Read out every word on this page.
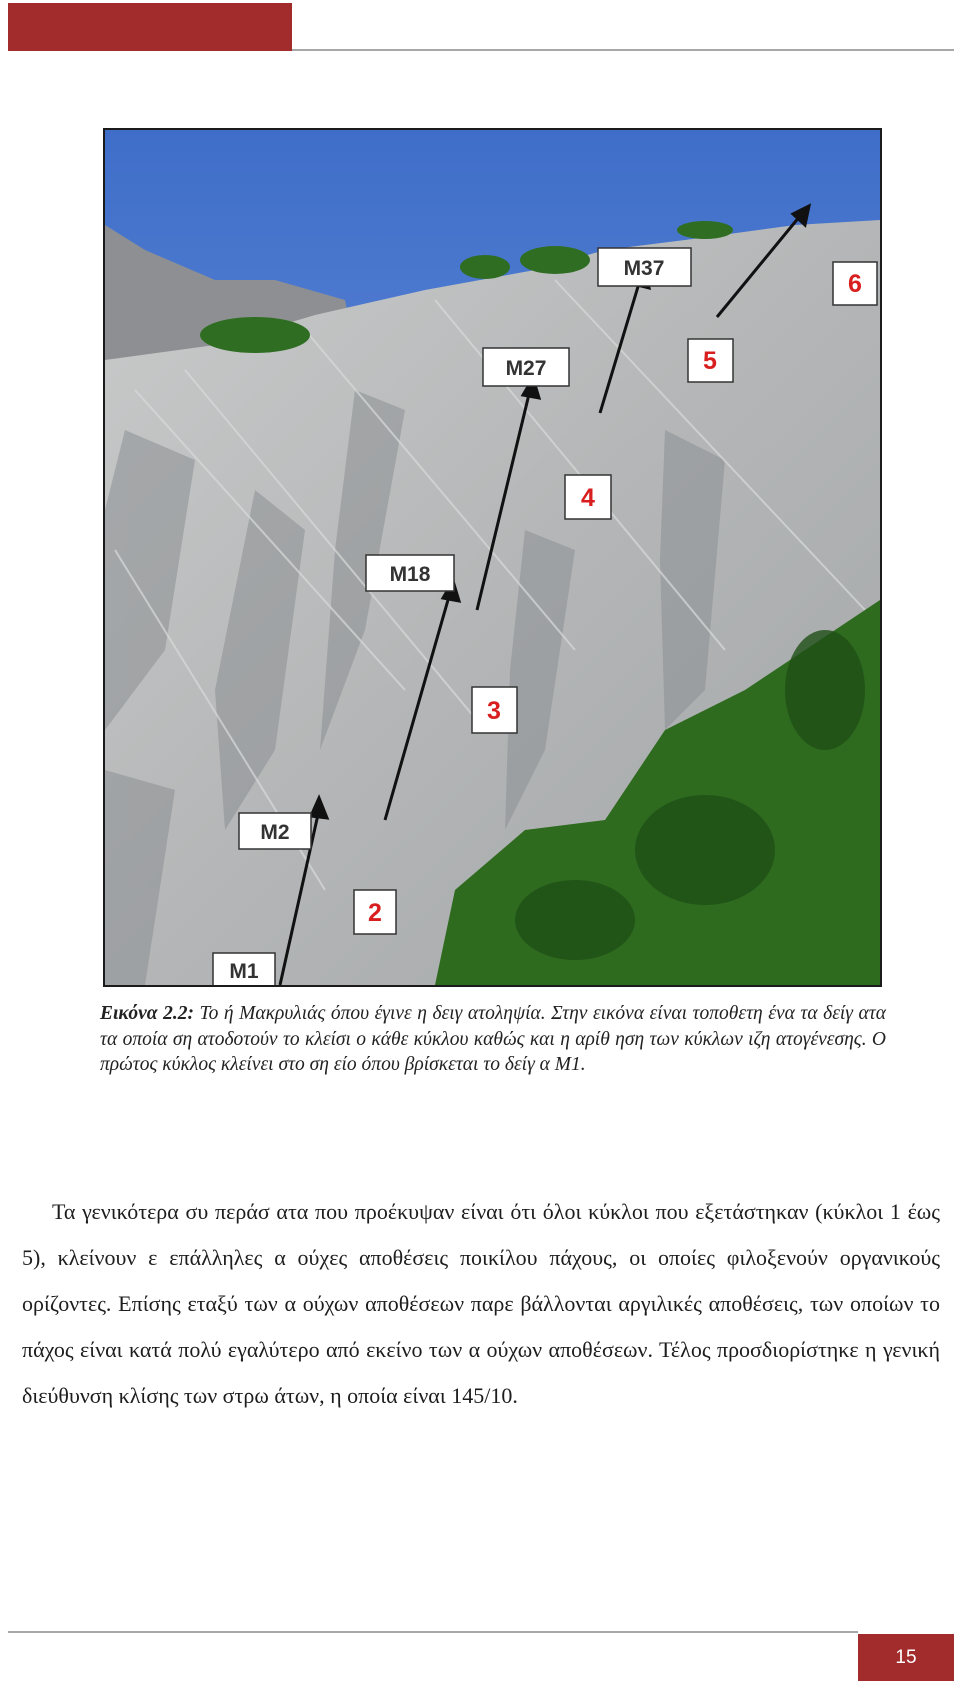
M1
M2
M18
M27
M37
2
3
4
5
6
Εικόνα 2.2: Το ή Μακρυλιάς όπου έγινε η δειγ ατοληψία. Στην εικόνα είναι τοποθετη ένα τα δείγ ατα τα οποία ση ατοδοτούν το κλείσι ο κάθε κύκλου καθώς και η αρίθ ηση των κύκλων ιζη ατογένεσης. Ο πρώτος κύκλος κλείνει στο ση είο όπου βρίσκεται το δείγ α Μ1.

Τα γενικότερα συ περάσ ατα που προέκυψαν είναι ότι όλοι κύκλοι που εξετάστηκαν (κύκλοι 1 έως 5), κλείνουν ε επάλληλες α ούχες αποθέσεις ποικίλου πάχους, οι οποίες φιλοξενούν οργανικούς ορίζοντες. Επίσης εταξύ των α ούχων αποθέσεων παρε βάλλονται αργιλικές αποθέσεις, των οποίων το πάχος είναι κατά πολύ εγαλύτερο από εκείνο των α ούχων αποθέσεων. Τέλος προσδιορίστηκε η γενική διεύθυνση κλίσης των στρω άτων, η οποία είναι 145/10.

15
